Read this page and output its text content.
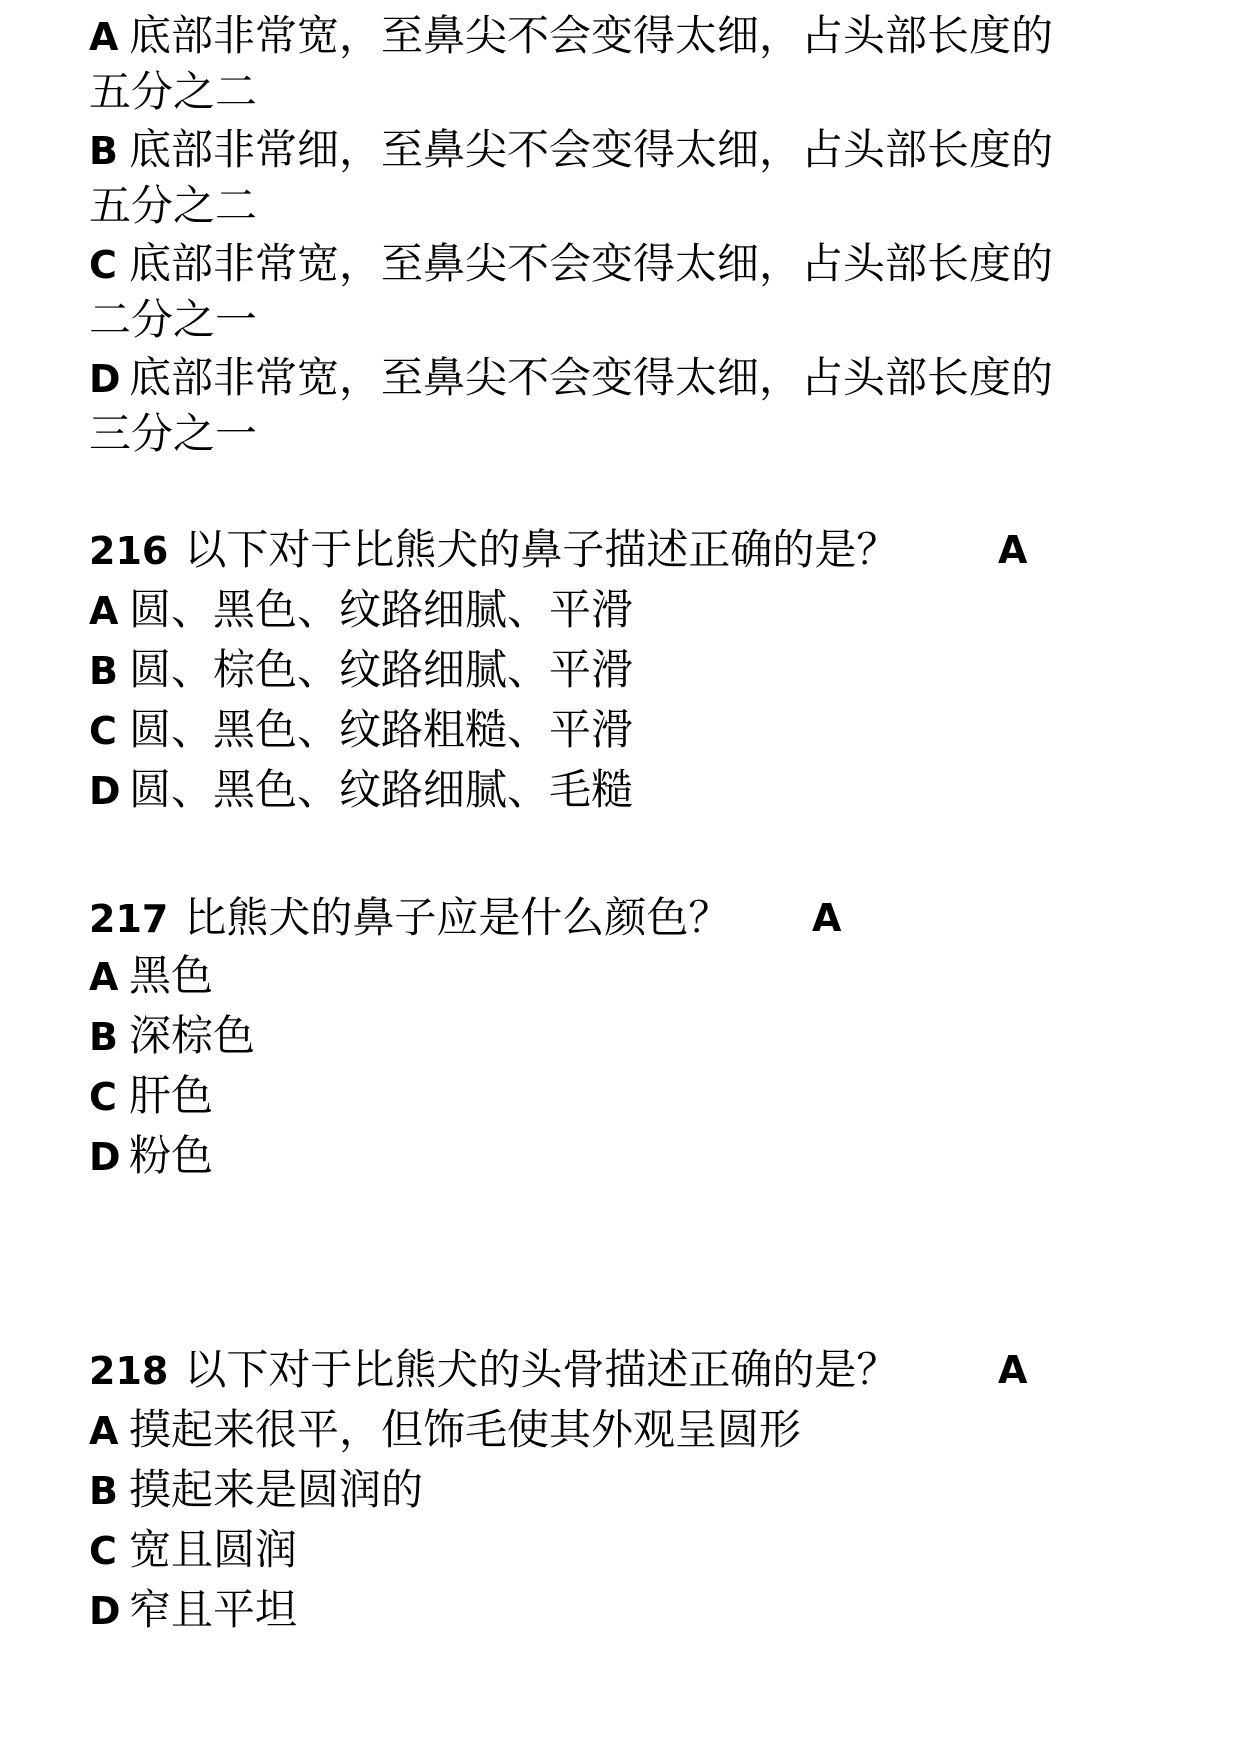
A 底部非常宽，至鼻尖不会变得太细，占头部长度的
五分之二
B 底部非常细，至鼻尖不会变得太细，占头部长度的
五分之二
C 底部非常宽，至鼻尖不会变得太细，占头部长度的
二分之一
D 底部非常宽，至鼻尖不会变得太细，占头部长度的
三分之一
216 以下对于比熊犬的鼻子描述正确的是？	A
A 圆、黑色、纹路细腻、平滑
B 圆、棕色、纹路细腻、平滑
C 圆、黑色、纹路粗糙、平滑
D 圆、黑色、纹路细腻、毛糙
217 比熊犬的鼻子应是什么颜色？ A
A 黑色
B 深棕色
C 肝色
D 粉色
218 以下对于比熊犬的头骨描述正确的是？	A
A 摸起来很平，但饰毛使其外观呈圆形
B 摸起来是圆润的
C 宽且圆润
D 窄且平坦
